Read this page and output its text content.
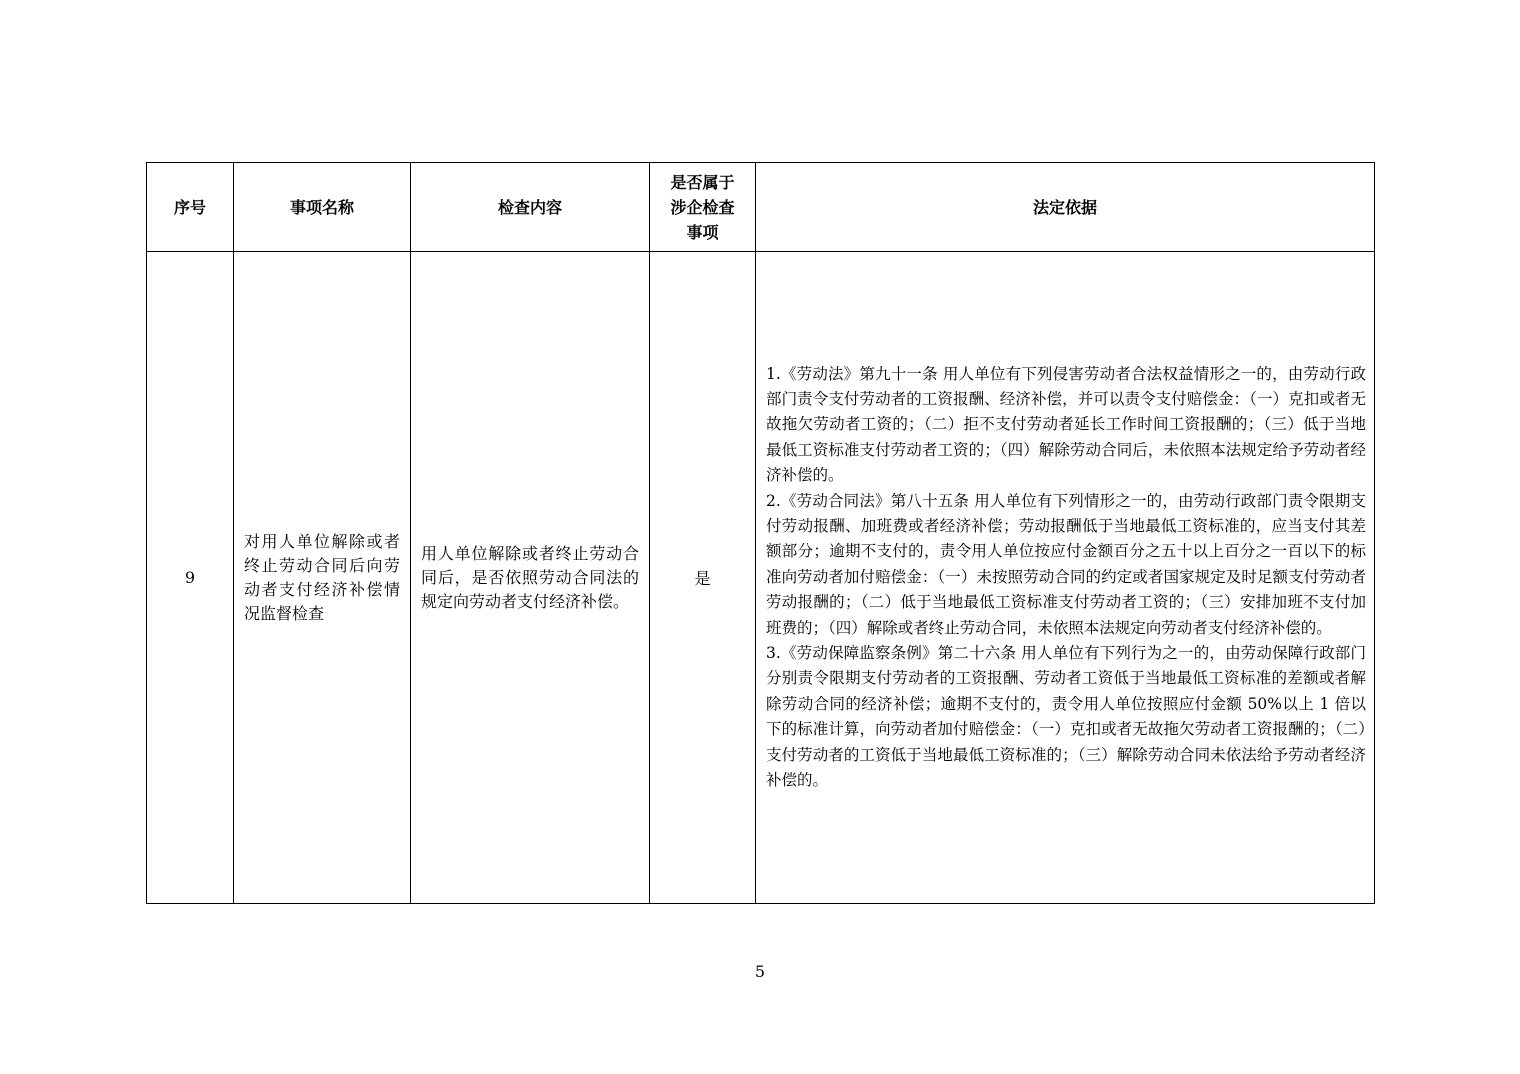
序号	事项名称	检查内容	是否属于涉企检查事项	法定依据
9	对用人单位解除或者终止劳动合同后向劳动者支付经济补偿情况监督检查	用人单位解除或者终止劳动合同后，是否依照劳动合同法的规定向劳动者支付经济补偿。	是	1.《劳动法》第九十一条 用人单位有下列侵害劳动者合法权益情形之一的，由劳动行政部门责令支付劳动者的工资报酬、经济补偿，并可以责令支付赔偿金：（一）克扣或者无故拖欠劳动者工资的；（二）拒不支付劳动者延长工作时间工资报酬的；（三）低于当地最低工资标准支付劳动者工资的；（四）解除劳动合同后，未依照本法规定给予劳动者经济补偿的。

2.《劳动合同法》第八十五条 用人单位有下列情形之一的，由劳动行政部门责令限期支付劳动报酬、加班费或者经济补偿；劳动报酬低于当地最低工资标准的，应当支付其差额部分；逾期不支付的，责令用人单位按应付金额百分之五十以上百分之一百以下的标准向劳动者加付赔偿金：（一）未按照劳动合同的约定或者国家规定及时足额支付劳动者劳动报酬的；（二）低于当地最低工资标准支付劳动者工资的；（三）安排加班不支付加班费的；（四）解除或者终止劳动合同，未依照本法规定向劳动者支付经济补偿的。

3.《劳动保障监察条例》第二十六条 用人单位有下列行为之一的，由劳动保障行政部门分别责令限期支付劳动者的工资报酬、劳动者工资低于当地最低工资标准的差额或者解除劳动合同的经济补偿；逾期不支付的，责令用人单位按照应付金额 50%以上 1 倍以下的标准计算，向劳动者加付赔偿金：（一）克扣或者无故拖欠劳动者工资报酬的；（二）支付劳动者的工资低于当地最低工资标准的；（三）解除劳动合同未依法给予劳动者经济补偿的。

5
